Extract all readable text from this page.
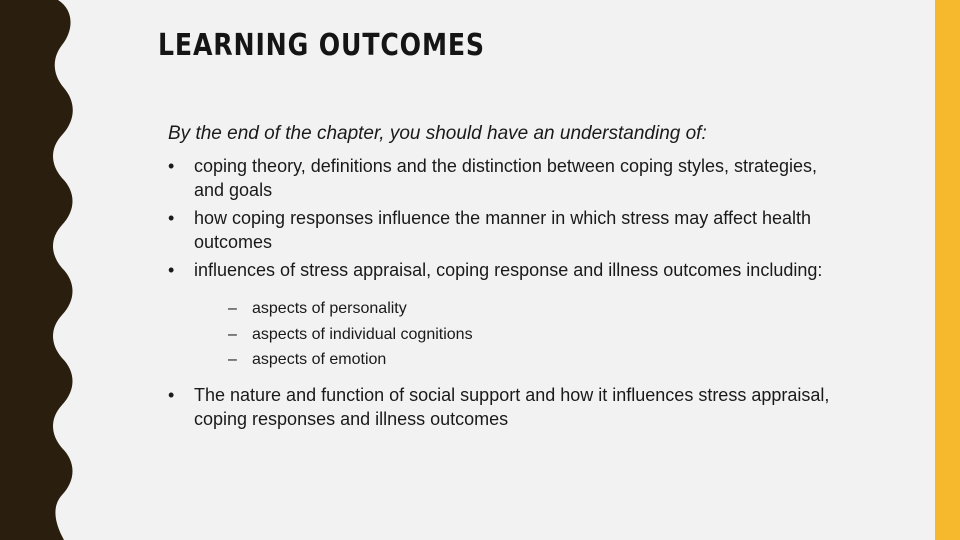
LEARNING OUTCOMES

By the end of the chapter, you should have an understanding of:

• coping theory, definitions and the distinction between coping styles, strategies, and goals
• how coping responses influence the manner in which stress may affect health outcomes
• influences of stress appraisal, coping response and illness outcomes including:
– aspects of personality
– aspects of individual cognitions
– aspects of emotion
• The nature and function of social support and how it influences stress appraisal, coping responses and illness outcomes
